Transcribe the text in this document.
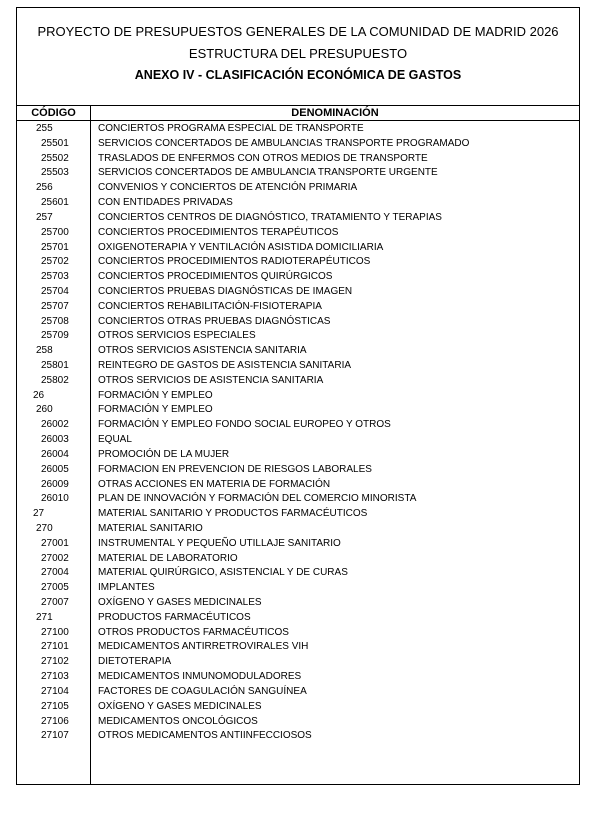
PROYECTO DE PRESUPUESTOS GENERALES DE LA COMUNIDAD DE MADRID 2026
ESTRUCTURA DEL PRESUPUESTO
ANEXO IV - CLASIFICACIÓN ECONÓMICA DE GASTOS
CÓDIGO	DENOMINACIÓN
255	CONCIERTOS PROGRAMA ESPECIAL DE TRANSPORTE
25501	SERVICIOS CONCERTADOS DE AMBULANCIAS TRANSPORTE PROGRAMADO
25502	TRASLADOS DE ENFERMOS CON OTROS MEDIOS DE TRANSPORTE
25503	SERVICIOS CONCERTADOS DE AMBULANCIA TRANSPORTE URGENTE
256	CONVENIOS Y CONCIERTOS DE ATENCIÓN PRIMARIA
25601	CON ENTIDADES PRIVADAS
257	CONCIERTOS CENTROS DE DIAGNÓSTICO, TRATAMIENTO Y TERAPIAS
25700	CONCIERTOS PROCEDIMIENTOS TERAPÉUTICOS
25701	OXIGENOTERAPIA Y VENTILACIÓN ASISTIDA DOMICILIARIA
25702	CONCIERTOS PROCEDIMIENTOS RADIOTERAPÉUTICOS
25703	CONCIERTOS PROCEDIMIENTOS QUIRÚRGICOS
25704	CONCIERTOS PRUEBAS DIAGNÓSTICAS DE IMAGEN
25707	CONCIERTOS REHABILITACIÓN-FISIOTERAPIA
25708	CONCIERTOS OTRAS PRUEBAS DIAGNÓSTICAS
25709	OTROS SERVICIOS ESPECIALES
258	OTROS SERVICIOS ASISTENCIA SANITARIA
25801	REINTEGRO DE GASTOS DE ASISTENCIA SANITARIA
25802	OTROS SERVICIOS DE ASISTENCIA SANITARIA
26	FORMACIÓN Y EMPLEO
260	FORMACIÓN Y EMPLEO
26002	FORMACIÓN Y EMPLEO FONDO SOCIAL EUROPEO Y OTROS
26003	EQUAL
26004	PROMOCIÓN DE LA MUJER
26005	FORMACION EN PREVENCION DE RIESGOS LABORALES
26009	OTRAS ACCIONES EN MATERIA DE FORMACIÓN
26010	PLAN DE INNOVACIÓN Y FORMACIÓN DEL COMERCIO MINORISTA
27	MATERIAL SANITARIO Y PRODUCTOS FARMACÉUTICOS
270	MATERIAL SANITARIO
27001	INSTRUMENTAL Y PEQUEÑO UTILLAJE SANITARIO
27002	MATERIAL DE LABORATORIO
27004	MATERIAL QUIRÚRGICO, ASISTENCIAL Y DE CURAS
27005	IMPLANTES
27007	OXÍGENO Y GASES MEDICINALES
271	PRODUCTOS FARMACÉUTICOS
27100	OTROS PRODUCTOS FARMACÉUTICOS
27101	MEDICAMENTOS ANTIRRETROVIRALES VIH
27102	DIETOTERAPIA
27103	MEDICAMENTOS INMUNOMODULADORES
27104	FACTORES DE COAGULACIÓN SANGUÍNEA
27105	OXÍGENO Y GASES MEDICINALES
27106	MEDICAMENTOS ONCOLÓGICOS
27107	OTROS MEDICAMENTOS ANTIINFECCIOSOS
